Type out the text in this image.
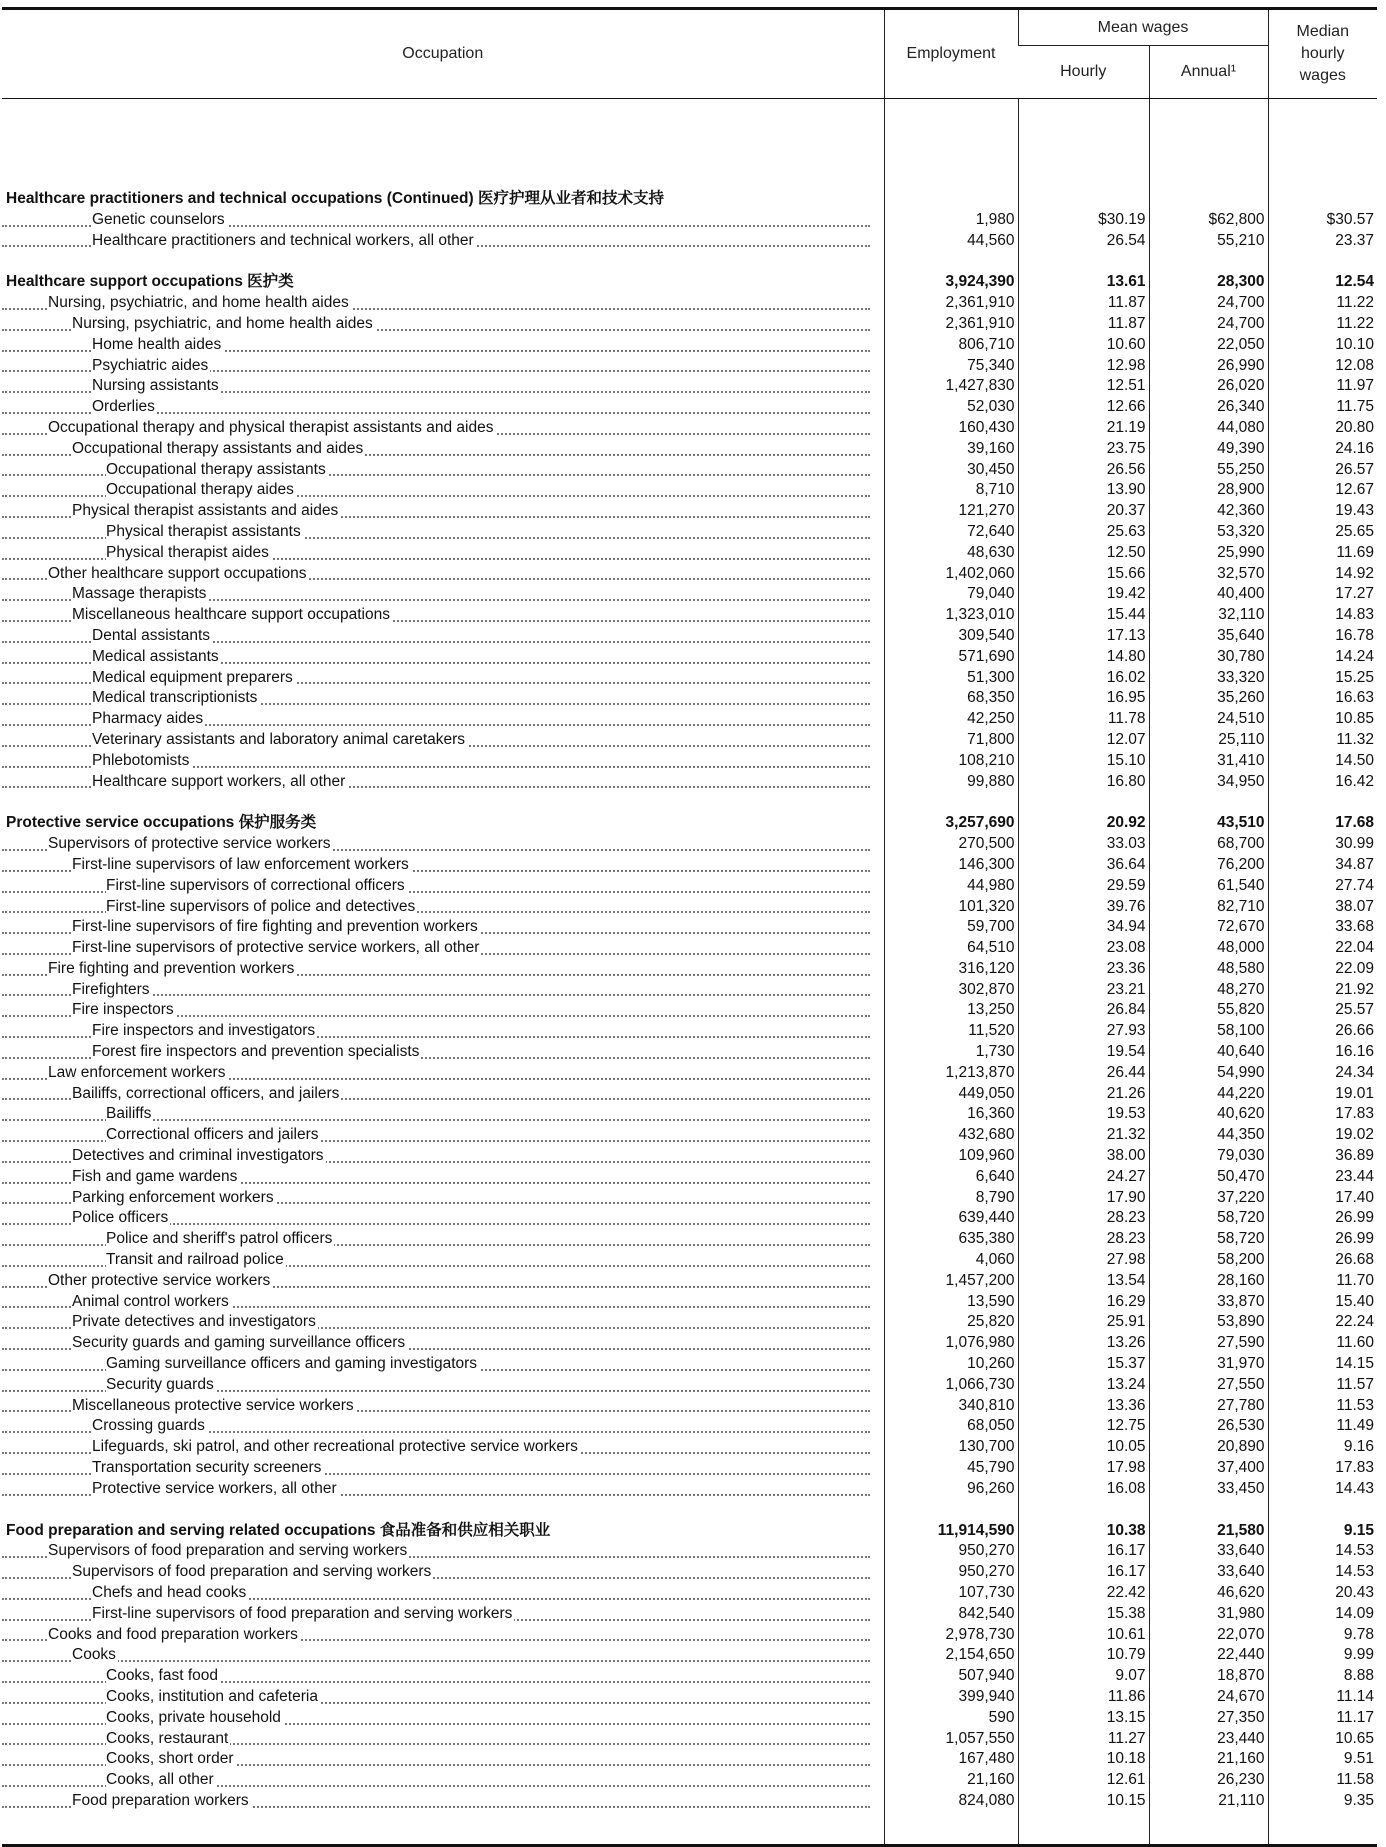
Occupation	Employment	Mean wages		Median
hourly
wages
		Hourly	Annual¹	

Healthcare practitioners and technical occupations (Continued) 医疗护理从业者和技术支持				

Genetic counselors	1,980	$30.19	$62,800	$30.57

Healthcare practitioners and technical workers, all other	44,560	26.54	55,210	23.37

Healthcare support occupations 医护类	3,924,390	13.61	28,300	12.54

Nursing, psychiatric, and home health aides	2,361,910	11.87	24,700	11.22

Nursing, psychiatric, and home health aides	2,361,910	11.87	24,700	11.22

Home health aides	806,710	10.60	22,050	10.10

Psychiatric aides	75,340	12.98	26,990	12.08

Nursing assistants	1,427,830	12.51	26,020	11.97

Orderlies	52,030	12.66	26,340	11.75

Occupational therapy and physical therapist assistants and aides	160,430	21.19	44,080	20.80

Occupational therapy assistants and aides	39,160	23.75	49,390	24.16

Occupational therapy assistants	30,450	26.56	55,250	26.57

Occupational therapy aides	8,710	13.90	28,900	12.67

Physical therapist assistants and aides	121,270	20.37	42,360	19.43

Physical therapist assistants	72,640	25.63	53,320	25.65

Physical therapist aides	48,630	12.50	25,990	11.69

Other healthcare support occupations	1,402,060	15.66	32,570	14.92

Massage therapists	79,040	19.42	40,400	17.27

Miscellaneous healthcare support occupations	1,323,010	15.44	32,110	14.83

Dental assistants	309,540	17.13	35,640	16.78

Medical assistants	571,690	14.80	30,780	14.24

Medical equipment preparers	51,300	16.02	33,320	15.25

Medical transcriptionists	68,350	16.95	35,260	16.63

Pharmacy aides	42,250	11.78	24,510	10.85

Veterinary assistants and laboratory animal caretakers	71,800	12.07	25,110	11.32

Phlebotomists	108,210	15.10	31,410	14.50

Healthcare support workers, all other	99,880	16.80	34,950	16.42

Protective service occupations 保护服务类	3,257,690	20.92	43,510	17.68

Supervisors of protective service workers	270,500	33.03	68,700	30.99

First-line supervisors of law enforcement workers	146,300	36.64	76,200	34.87

First-line supervisors of correctional officers	44,980	29.59	61,540	27.74

First-line supervisors of police and detectives	101,320	39.76	82,710	38.07

First-line supervisors of fire fighting and prevention workers	59,700	34.94	72,670	33.68

First-line supervisors of protective service workers, all other	64,510	23.08	48,000	22.04

Fire fighting and prevention workers	316,120	23.36	48,580	22.09

Firefighters	302,870	23.21	48,270	21.92

Fire inspectors	13,250	26.84	55,820	25.57

Fire inspectors and investigators	11,520	27.93	58,100	26.66

Forest fire inspectors and prevention specialists	1,730	19.54	40,640	16.16

Law enforcement workers	1,213,870	26.44	54,990	24.34

Bailiffs, correctional officers, and jailers	449,050	21.26	44,220	19.01

Bailiffs	16,360	19.53	40,620	17.83

Correctional officers and jailers	432,680	21.32	44,350	19.02

Detectives and criminal investigators	109,960	38.00	79,030	36.89

Fish and game wardens	6,640	24.27	50,470	23.44

Parking enforcement workers	8,790	17.90	37,220	17.40

Police officers	639,440	28.23	58,720	26.99

Police and sheriff's patrol officers	635,380	28.23	58,720	26.99

Transit and railroad police	4,060	27.98	58,200	26.68

Other protective service workers	1,457,200	13.54	28,160	11.70

Animal control workers	13,590	16.29	33,870	15.40

Private detectives and investigators	25,820	25.91	53,890	22.24

Security guards and gaming surveillance officers	1,076,980	13.26	27,590	11.60

Gaming surveillance officers and gaming investigators	10,260	15.37	31,970	14.15

Security guards	1,066,730	13.24	27,550	11.57

Miscellaneous protective service workers	340,810	13.36	27,780	11.53

Crossing guards	68,050	12.75	26,530	11.49

Lifeguards, ski patrol, and other recreational protective service workers	130,700	10.05	20,890	9.16

Transportation security screeners	45,790	17.98	37,400	17.83

Protective service workers, all other	96,260	16.08	33,450	14.43

Food preparation and serving related occupations 食品准备和供应相关职业	11,914,590	10.38	21,580	9.15

Supervisors of food preparation and serving workers	950,270	16.17	33,640	14.53

Supervisors of food preparation and serving workers	950,270	16.17	33,640	14.53

Chefs and head cooks	107,730	22.42	46,620	20.43

First-line supervisors of food preparation and serving workers	842,540	15.38	31,980	14.09

Cooks and food preparation workers	2,978,730	10.61	22,070	9.78

Cooks	2,154,650	10.79	22,440	9.99

Cooks, fast food	507,940	9.07	18,870	8.88

Cooks, institution and cafeteria	399,940	11.86	24,670	11.14

Cooks, private household	590	13.15	27,350	11.17

Cooks, restaurant	1,057,550	11.27	23,440	10.65

Cooks, short order	167,480	10.18	21,160	9.51

Cooks, all other	21,160	12.61	26,230	11.58

Food preparation workers	824,080	10.15	21,110	9.35
